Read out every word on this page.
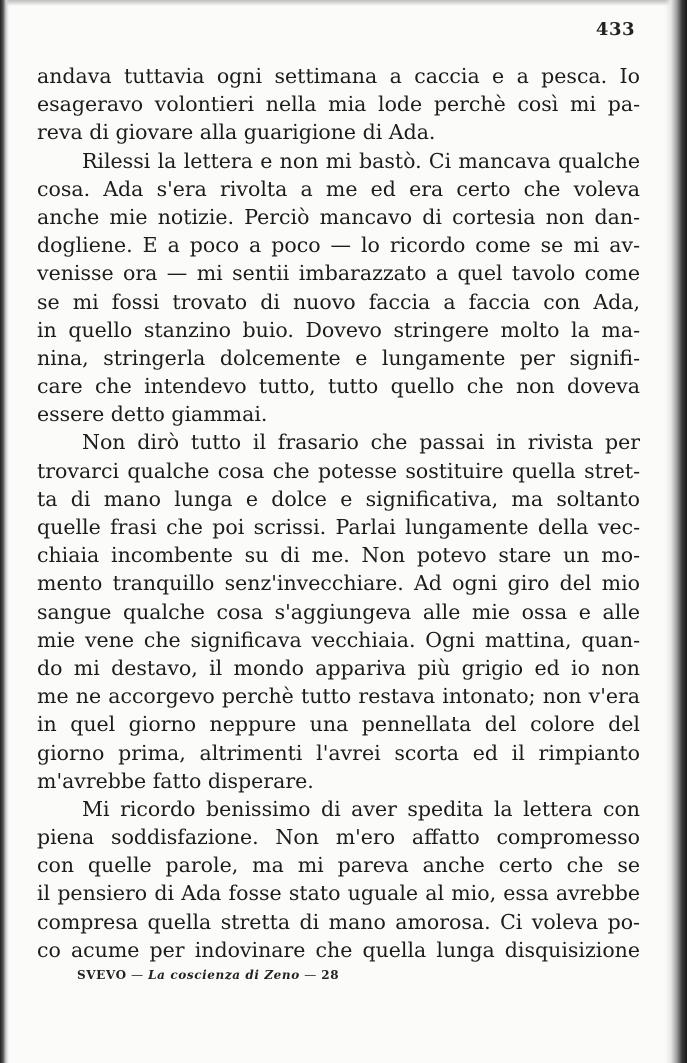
433
andava tuttavia ogni settimana a caccia e a pesca. Io
esageravo volontieri nella mia lode perchè così mi pa-
reva di giovare alla guarigione di Ada.
Rilessi la lettera e non mi bastò. Ci mancava qualche
cosa. Ada s'era rivolta a me ed era certo che voleva
anche mie notizie. Perciò mancavo di cortesia non dan-
dogliene. E a poco a poco — lo ricordo come se mi av-
venisse ora — mi sentii imbarazzato a quel tavolo come
se mi fossi trovato di nuovo faccia a faccia con Ada,
in quello stanzino buio. Dovevo stringere molto la ma-
nina, stringerla dolcemente e lungamente per signifi-
care che intendevo tutto, tutto quello che non doveva
essere detto giammai.
Non dirò tutto il frasario che passai in rivista per
trovarci qualche cosa che potesse sostituire quella stret-
ta di mano lunga e dolce e significativa, ma soltanto
quelle frasi che poi scrissi. Parlai lungamente della vec-
chiaia incombente su di me. Non potevo stare un mo-
mento tranquillo senz'invecchiare. Ad ogni giro del mio
sangue qualche cosa s'aggiungeva alle mie ossa e alle
mie vene che significava vecchiaia. Ogni mattina, quan-
do mi destavo, il mondo appariva più grigio ed io non
me ne accorgevo perchè tutto restava intonato; non v'era
in quel giorno neppure una pennellata del colore del
giorno prima, altrimenti l'avrei scorta ed il rimpianto
m'avrebbe fatto disperare.
Mi ricordo benissimo di aver spedita la lettera con
piena soddisfazione. Non m'ero affatto compromesso
con quelle parole, ma mi pareva anche certo che se
il pensiero di Ada fosse stato uguale al mio, essa avrebbe
compresa quella stretta di mano amorosa. Ci voleva po-
co acume per indovinare che quella lunga disquisizione
SVEVO — La coscienza di Zeno — 28
